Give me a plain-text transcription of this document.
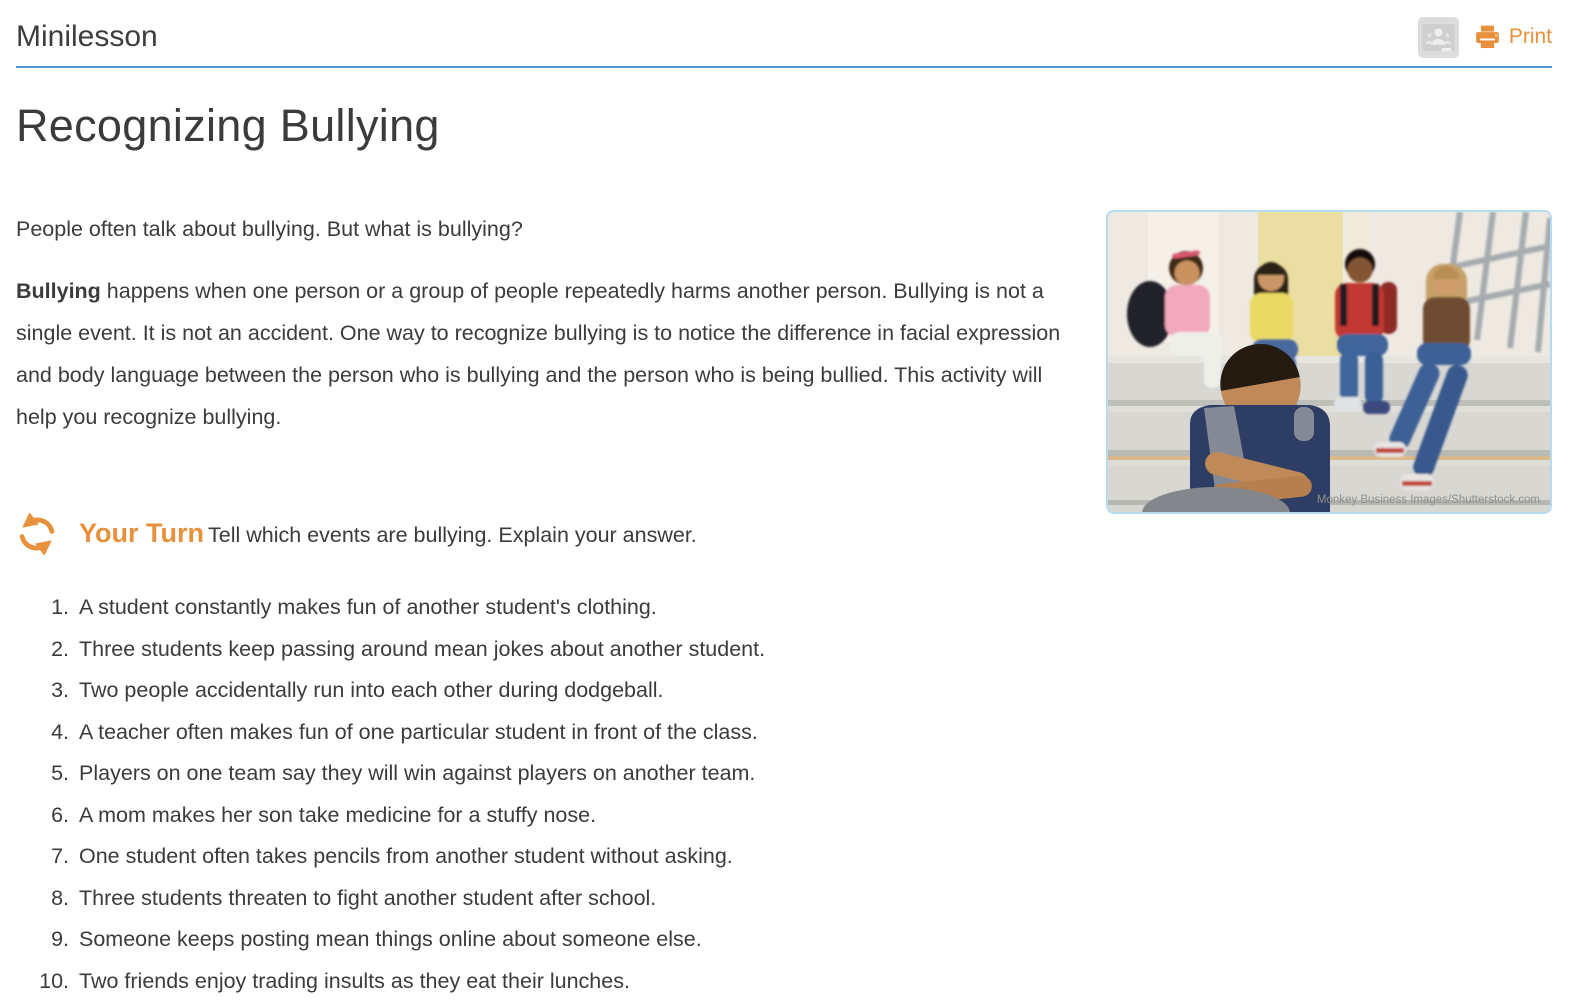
Minilesson	Print
Recognizing Bullying

People often talk about bullying. But what is bullying?

Bullying happens when one person or a group of people repeatedly harms another person. Bullying is not a single event. It is not an accident. One way to recognize bullying is to notice the difference in facial expression and body language between the person who is bullying and the person who is being bullied. This activity will help you recognize bullying.

Your Turn Tell which events are bullying. Explain your answer.

1. A student constantly makes fun of another student's clothing.
2. Three students keep passing around mean jokes about another student.
3. Two people accidentally run into each other during dodgeball.
4. A teacher often makes fun of one particular student in front of the class.
5. Players on one team say they will win against players on another team.
6. A mom makes her son take medicine for a stuffy nose.
7. One student often takes pencils from another student without asking.
8. Three students threaten to fight another student after school.
9. Someone keeps posting mean things online about someone else.
10. Two friends enjoy trading insults as they eat their lunches.
Monkey Business Images/Shutterstock.com
